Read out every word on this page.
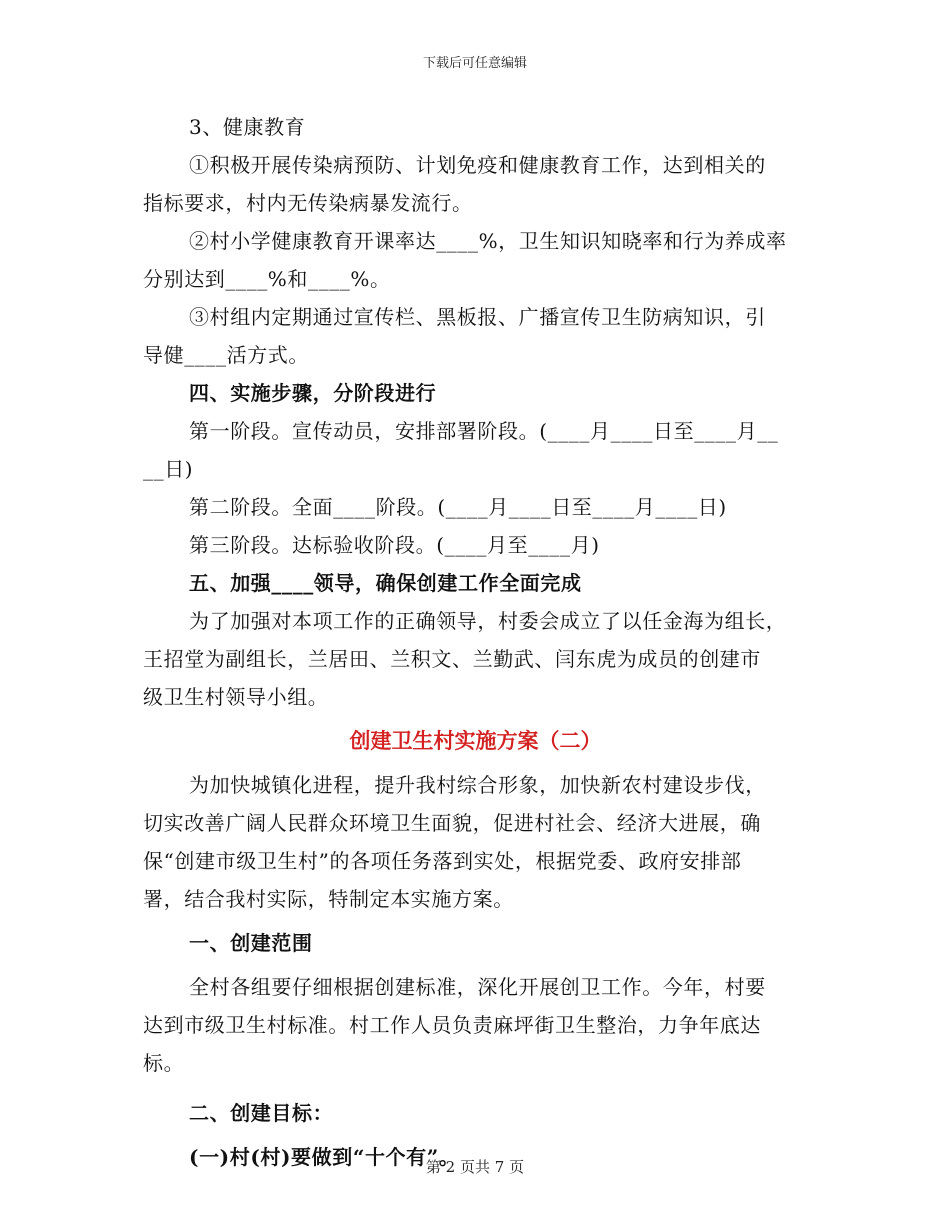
下载后可任意编辑
3、健康教育
①积极开展传染病预防、计划免疫和健康教育工作，达到相关的
指标要求，村内无传染病暴发流行。
②村小学健康教育开课率达____%，卫生知识知晓率和行为养成率
分别达到____%和____%。
③村组内定期通过宣传栏、黑板报、广播宣传卫生防病知识，引
导健____活方式。
四、实施步骤，分阶段进行
第一阶段。宣传动员，安排部署阶段。(____月____日至____月__
__日)
第二阶段。全面____阶段。(____月____日至____月____日)
第三阶段。达标验收阶段。(____月至____月)
五、加强____领导，确保创建工作全面完成
为了加强对本项工作的正确领导，村委会成立了以任金海为组长，
王招堂为副组长，兰居田、兰积文、兰勤武、闫东虎为成员的创建市
级卫生村领导小组。
创建卫生村实施方案（二）
为加快城镇化进程，提升我村综合形象，加快新农村建设步伐，
切实改善广阔人民群众环境卫生面貌，促进村社会、经济大进展，确
保“创建市级卫生村”的各项任务落到实处，根据党委、政府安排部
署，结合我村实际，特制定本实施方案。
一、创建范围
全村各组要仔细根据创建标准，深化开展创卫工作。今年，村要
达到市级卫生村标准。村工作人员负责麻坪街卫生整治，力争年底达
标。
二、创建目标：
(一)村(村)要做到“十个有”。
第 2 页共 7 页
